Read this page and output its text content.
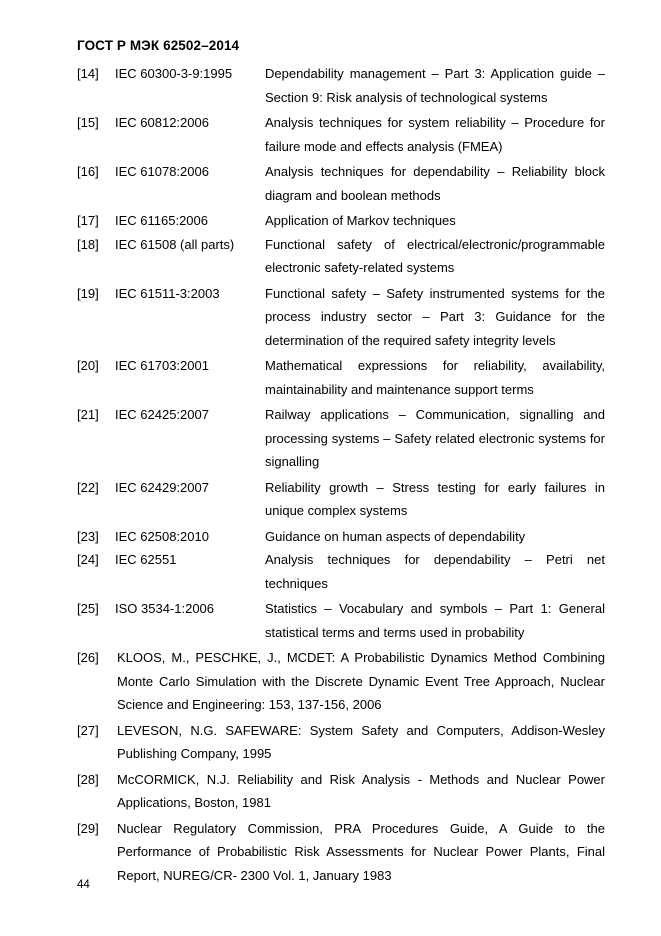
ГОСТ Р МЭК 62502–2014
[14]	IEC 60300-3-9:1995	Dependability management – Part 3: Application guide – Section 9: Risk analysis of technological systems
[15]	IEC 60812:2006	Analysis techniques for system reliability – Procedure for failure mode and effects analysis (FMEA)
[16]	IEC 61078:2006	Analysis techniques for dependability – Reliability block diagram and boolean methods
[17]	IEC 61165:2006	Application of Markov techniques
[18]	IEC 61508 (all parts)	Functional safety of electrical/electronic/programmable electronic safety-related systems
[19]	IEC 61511-3:2003	Functional safety – Safety instrumented systems for the process industry sector – Part 3: Guidance for the determination of the required safety integrity levels
[20]	IEC 61703:2001	Mathematical expressions for reliability, availability, maintainability and maintenance support terms
[21]	IEC 62425:2007	Railway applications – Communication, signalling and processing systems – Safety related electronic systems for signalling
[22]	IEC 62429:2007	Reliability growth – Stress testing for early failures in unique complex systems
[23]	IEC 62508:2010	Guidance on human aspects of dependability
[24]	IEC 62551	Analysis techniques for dependability – Petri net techniques
[25]	ISO 3534-1:2006	Statistics – Vocabulary and symbols – Part 1: General statistical terms and terms used in probability
[26]	KLOOS, M., PESCHKE, J., MCDET: A Probabilistic Dynamics Method Combining Monte Carlo Simulation with the Discrete Dynamic Event Tree Approach, Nuclear Science and Engineering: 153, 137-156, 2006
[27]	LEVESON, N.G. SAFEWARE: System Safety and Computers, Addison-Wesley Publishing Company, 1995
[28]	McCORMICK, N.J. Reliability and Risk Analysis - Methods and Nuclear Power Applications, Boston, 1981
[29]	Nuclear Regulatory Commission, PRA Procedures Guide, A Guide to the Performance of Probabilistic Risk Assessments for Nuclear Power Plants, Final Report, NUREG/CR- 2300 Vol. 1, January 1983
44
